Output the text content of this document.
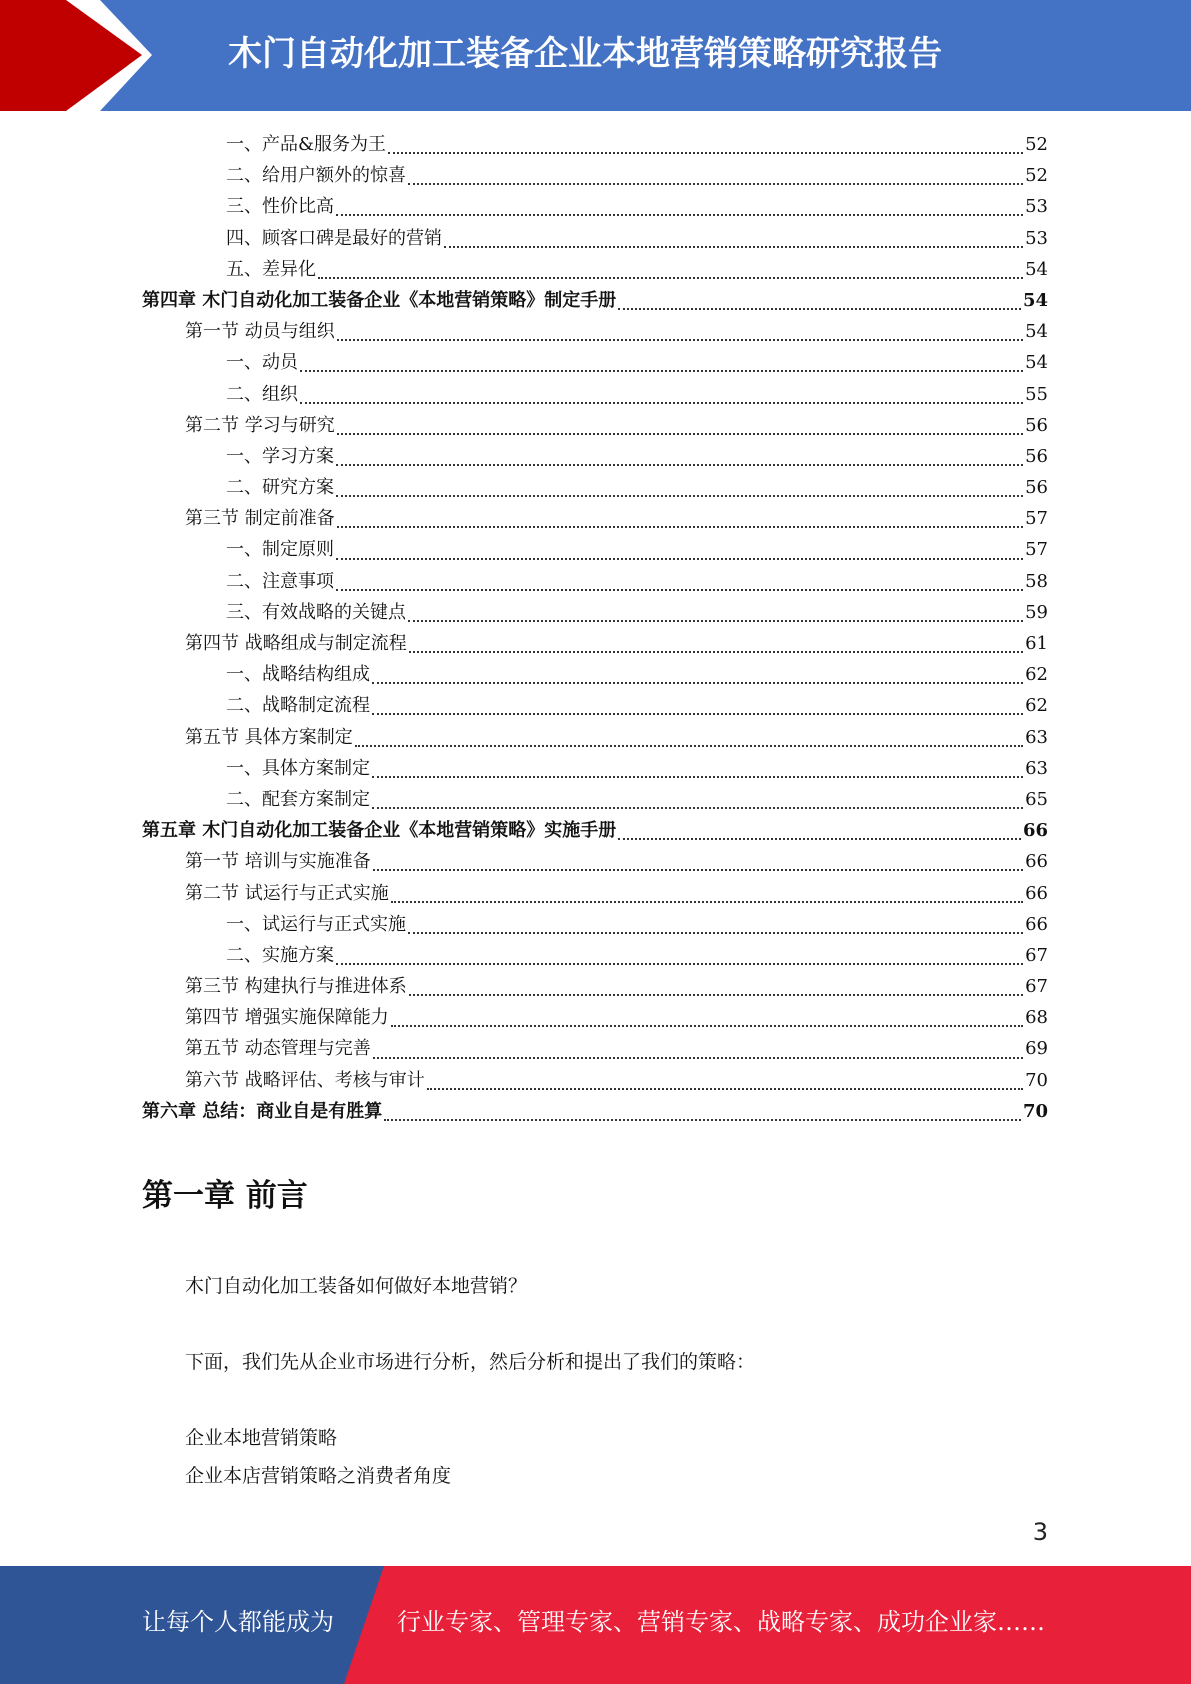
木门自动化加工装备企业本地营销策略研究报告
一、产品&服务为王	52
二、给用户额外的惊喜	52
三、性价比高	53
四、顾客口碑是最好的营销	53
五、差异化	54
第四章 木门自动化加工装备企业《本地营销策略》制定手册	54
第一节 动员与组织	54
一、动员	54
二、组织	55
第二节 学习与研究	56
一、学习方案	56
二、研究方案	56
第三节 制定前准备	57
一、制定原则	57
二、注意事项	58
三、有效战略的关键点	59
第四节 战略组成与制定流程	61
一、战略结构组成	62
二、战略制定流程	62
第五节 具体方案制定	63
一、具体方案制定	63
二、配套方案制定	65
第五章 木门自动化加工装备企业《本地营销策略》实施手册	66
第一节 培训与实施准备	66
第二节 试运行与正式实施	66
一、试运行与正式实施	66
二、实施方案	67
第三节 构建执行与推进体系	67
第四节 增强实施保障能力	68
第五节 动态管理与完善	69
第六节 战略评估、考核与审计	70
第六章 总结：商业自是有胜算	70
第一章 前言
木门自动化加工装备如何做好本地营销？
下面，我们先从企业市场进行分析，然后分析和提出了我们的策略：
企业本地营销策略
企业本店营销策略之消费者角度
3
让每个人都能成为	行业专家、管理专家、营销专家、战略专家、成功企业家……
